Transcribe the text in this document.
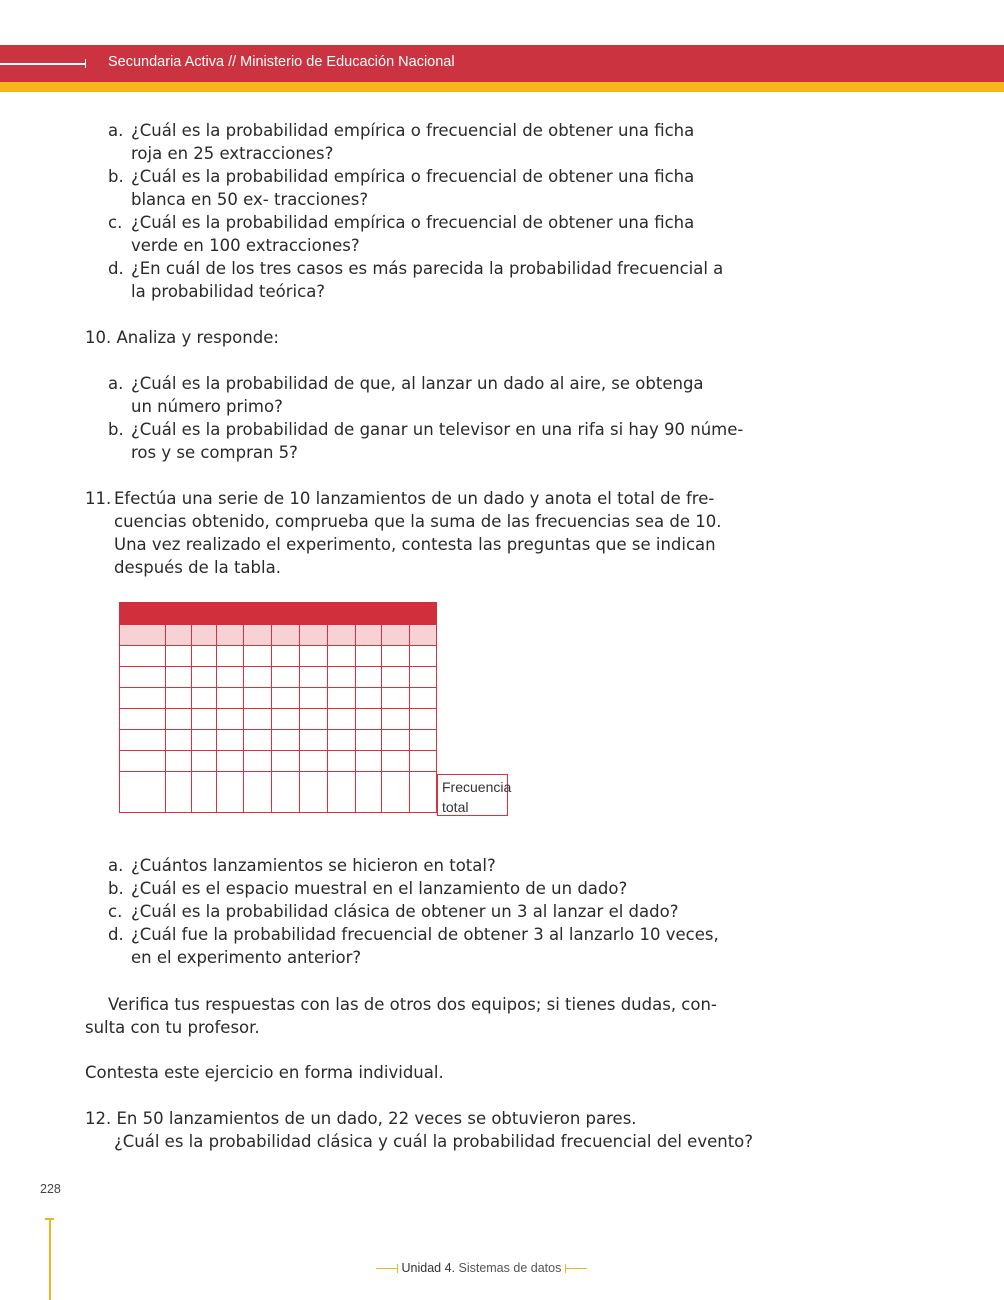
Secundaria Activa // Ministerio de Educación Nacional
a. ¿Cuál es la probabilidad empírica o frecuencial de obtener una ficha
roja en 25 extracciones?
b. ¿Cuál es la probabilidad empírica o frecuencial de obtener una ficha
blanca en 50 ex- tracciones?
c. ¿Cuál es la probabilidad empírica o frecuencial de obtener una ficha
verde en 100 extracciones?
d. ¿En cuál de los tres casos es más parecida la probabilidad frecuencial a
la probabilidad teórica?
10. Analiza y responde:
a. ¿Cuál es la probabilidad de que, al lanzar un dado al aire, se obtenga
un número primo?
b. ¿Cuál es la probabilidad de ganar un televisor en una rifa si hay 90 núme-
ros y se compran 5?
11. Efectúa una serie de 10 lanzamientos de un dado y anota el total de fre-
cuencias obtenido, comprueba que la suma de las frecuencias sea de 10.
Una vez realizado el experimento, contesta las preguntas que se indican
después de la tabla.

Frecuencia total
a. ¿Cuántos lanzamientos se hicieron en total?
b. ¿Cuál es el espacio muestral en el lanzamiento de un dado?
c. ¿Cuál es la probabilidad clásica de obtener un 3 al lanzar el dado?
d. ¿Cuál fue la probabilidad frecuencial de obtener 3 al lanzarlo 10 veces,
en el experimento anterior?
Verifica tus respuestas con las de otros dos equipos; si tienes dudas, con-
sulta con tu profesor.
Contesta este ejercicio en forma individual.
12. En 50 lanzamientos de un dado, 22 veces se obtuvieron pares.
¿Cuál es la probabilidad clásica y cuál la probabilidad frecuencial del evento?
228
Unidad 4. Sistemas de datos
